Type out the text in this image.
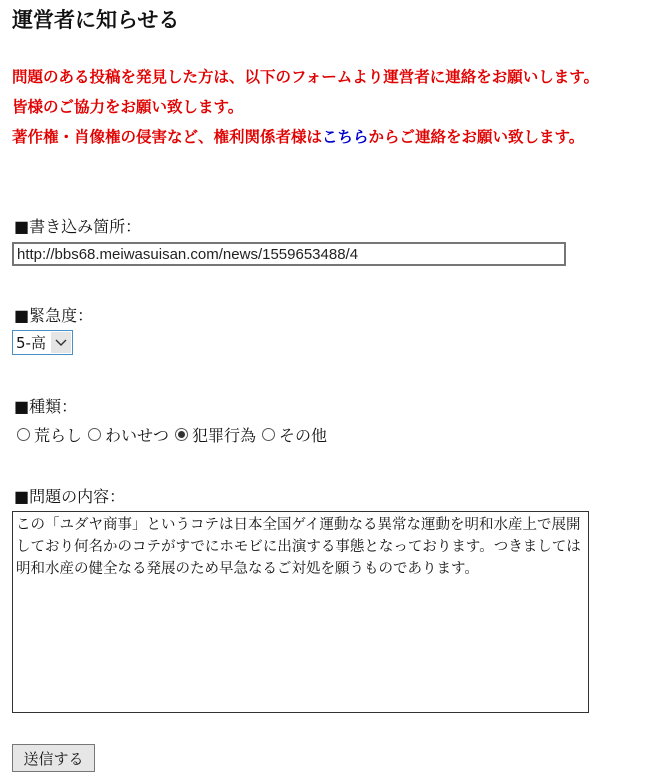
運営者に知らせる
問題のある投稿を発見した方は、以下のフォームより運営者に連絡をお願いします。
皆様のご協力をお願い致します。
著作権・肖像権の侵害など、権利関係者様はこちらからご連絡をお願い致します。
■書き込み箇所：
http://bbs68.meiwasuisan.com/news/1559653488/4
■緊急度：
5-高
■種類：
荒らし わいせつ 犯罪行為 その他
■問題の内容：
この「ユダヤ商事」というコテは日本全国ゲイ運動なる異常な運動を明和水産上で展開しており何名かのコテがすでにホモビに出演する事態となっております。つきましては明和水産の健全なる発展のため早急なるご対処を願うものであります。
送信する
